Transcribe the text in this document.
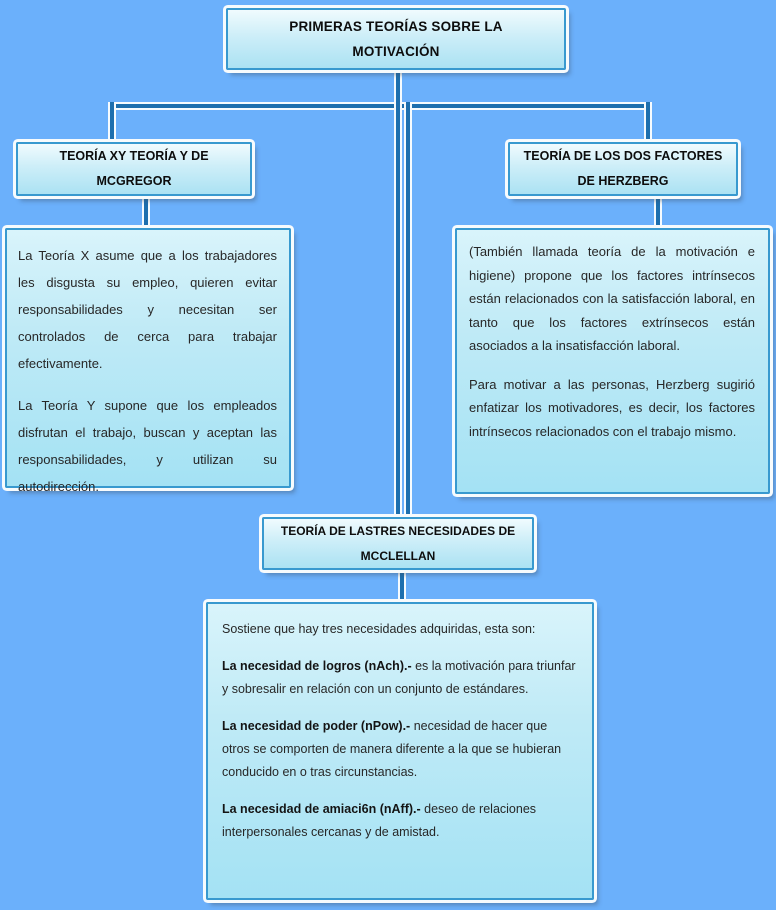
PRIMERAS TEORÍAS SOBRE LA
MOTIVACIÓN
TEORÍA XY TEORÍA Y DE
MCGREGOR
TEORÍA DE LOS DOS FACTORES
DE HERZBERG

La Teoría X asume que a los trabajadores les disgusta su empleo, quieren evitar responsabilidades y necesitan ser controlados de cerca para trabajar efectivamente.

La Teoría Y supone que los empleados disfrutan el trabajo, buscan y aceptan las responsabilidades, y utilizan su autodirección.

(También llamada teoría de la motivación e higiene) propone que los factores intrínsecos están relacionados con la satisfacción laboral, en tanto que los factores extrínsecos están asociados a la insatisfacción laboral.

Para motivar a las personas, Herzberg sugirió enfatizar los motivadores, es decir, los factores intrínsecos relacionados con el trabajo mismo.

TEORÍA DE LASTRES NECESIDADES DE
MCCLELLAN

Sostiene que hay tres necesidades adquiridas, esta son:

La necesidad de logros (nAch).- es la motivación para triunfar y sobresalir en relación con un conjunto de estándares.

La necesidad de poder (nPow).- necesidad de hacer que otros se comporten de manera diferente a la que se hubieran conducido en o tras circunstancias.

La necesidad de amiaci6n (nAff).- deseo de relaciones interpersonales cercanas y de amistad.
